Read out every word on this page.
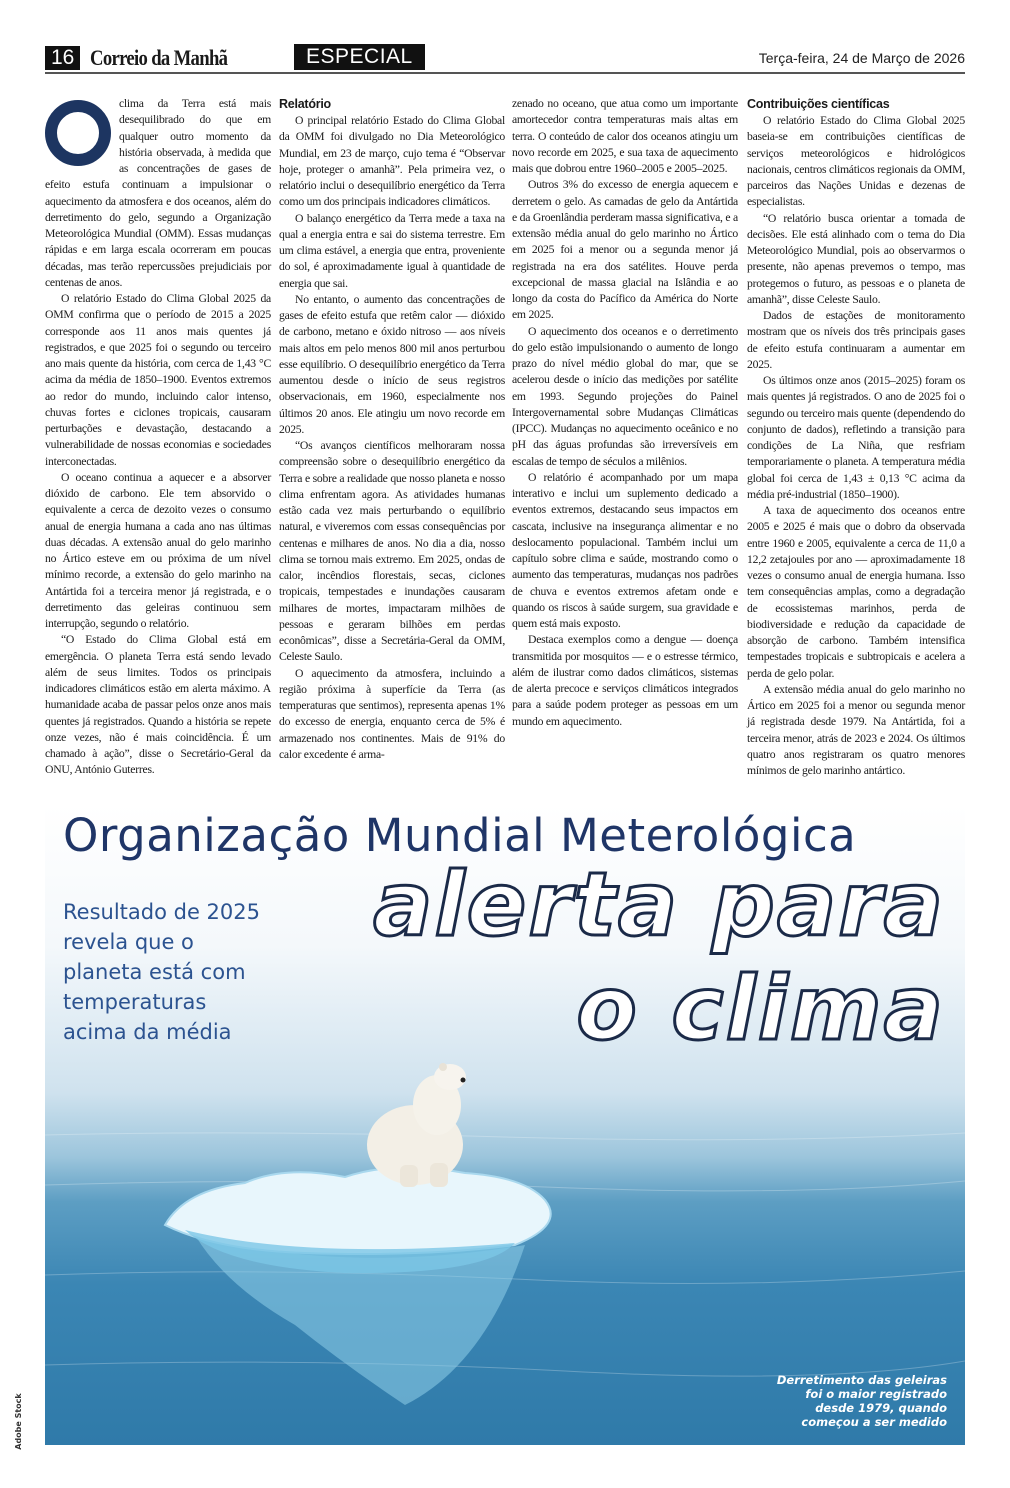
16 Correio da Manhã	ESPECIAL	Terça-feira, 24 de Março de 2026

clima da Terra está mais desequilibrado do que em qualquer outro momento da história observada, à medida que as concentrações de gases de efeito estufa continuam a impulsionar o aquecimento da atmosfera e dos oceanos, além do derretimento do gelo, segundo a Organização Meteorológica Mundial (OMM). Essas mudanças rápidas e em larga escala ocorreram em poucas décadas, mas terão repercussões prejudiciais por centenas de anos.

O relatório Estado do Clima Global 2025 da OMM confirma que o período de 2015 a 2025 corresponde aos 11 anos mais quentes já registrados, e que 2025 foi o segundo ou terceiro ano mais quente da história, com cerca de 1,43 °C acima da média de 1850–1900. Eventos extremos ao redor do mundo, incluindo calor intenso, chuvas fortes e ciclones tropicais, causaram perturbações e devastação, destacando a vulnerabilidade de nossas economias e sociedades interconectadas.

O oceano continua a aquecer e a absorver dióxido de carbono. Ele tem absorvido o equivalente a cerca de dezoito vezes o consumo anual de energia humana a cada ano nas últimas duas décadas. A extensão anual do gelo marinho no Ártico esteve em ou próxima de um nível mínimo recorde, a extensão do gelo marinho na Antártida foi a terceira menor já registrada, e o derretimento das geleiras continuou sem interrupção, segundo o relatório.

“O Estado do Clima Global está em emergência. O planeta Terra está sendo levado além de seus limites. Todos os principais indicadores climáticos estão em alerta máximo. A humanidade acaba de passar pelos onze anos mais quentes já registrados. Quando a história se repete onze vezes, não é mais coincidência. É um chamado à ação”, disse o Secretário-Geral da ONU, António Guterres.

Relatório

O principal relatório Estado do Clima Global da OMM foi divulgado no Dia Meteorológico Mundial, em 23 de março, cujo tema é “Observar hoje, proteger o amanhã”. Pela primeira vez, o relatório inclui o desequilíbrio energético da Terra como um dos principais indicadores climáticos.

O balanço energético da Terra mede a taxa na qual a energia entra e sai do sistema terrestre. Em um clima estável, a energia que entra, proveniente do sol, é aproximadamente igual à quantidade de energia que sai.

No entanto, o aumento das concentrações de gases de efeito estufa que retêm calor — dióxido de carbono, metano e óxido nitroso — aos níveis mais altos em pelo menos 800 mil anos perturbou esse equilíbrio. O desequilíbrio energético da Terra aumentou desde o início de seus registros observacionais, em 1960, especialmente nos últimos 20 anos. Ele atingiu um novo recorde em 2025.

“Os avanços científicos melhoraram nossa compreensão sobre o desequilíbrio energético da Terra e sobre a realidade que nosso planeta e nosso clima enfrentam agora. As atividades humanas estão cada vez mais perturbando o equilíbrio natural, e viveremos com essas consequências por centenas e milhares de anos. No dia a dia, nosso clima se tornou mais extremo. Em 2025, ondas de calor, incêndios florestais, secas, ciclones tropicais, tempestades e inundações causaram milhares de mortes, impactaram milhões de pessoas e geraram bilhões em perdas econômicas”, disse a Secretária-Geral da OMM, Celeste Saulo.

O aquecimento da atmosfera, incluindo a região próxima à superfície da Terra (as temperaturas que sentimos), representa apenas 1% do excesso de energia, enquanto cerca de 5% é armazenado nos continentes. Mais de 91% do calor excedente é arma-

zenado no oceano, que atua como um importante amortecedor contra temperaturas mais altas em terra. O conteúdo de calor dos oceanos atingiu um novo recorde em 2025, e sua taxa de aquecimento mais que dobrou entre 1960–2005 e 2005–2025.

Outros 3% do excesso de energia aquecem e derretem o gelo. As camadas de gelo da Antártida e da Groenlândia perderam massa significativa, e a extensão média anual do gelo marinho no Ártico em 2025 foi a menor ou a segunda menor já registrada na era dos satélites. Houve perda excepcional de massa glacial na Islândia e ao longo da costa do Pacífico da América do Norte em 2025.

O aquecimento dos oceanos e o derretimento do gelo estão impulsionando o aumento de longo prazo do nível médio global do mar, que se acelerou desde o início das medições por satélite em 1993. Segundo projeções do Painel Intergovernamental sobre Mudanças Climáticas (IPCC). Mudanças no aquecimento oceânico e no pH das águas profundas são irreversíveis em escalas de tempo de séculos a milênios.

O relatório é acompanhado por um mapa interativo e inclui um suplemento dedicado a eventos extremos, destacando seus impactos em cascata, inclusive na insegurança alimentar e no deslocamento populacional. Também inclui um capítulo sobre clima e saúde, mostrando como o aumento das temperaturas, mudanças nos padrões de chuva e eventos extremos afetam onde e quando os riscos à saúde surgem, sua gravidade e quem está mais exposto.

Destaca exemplos como a dengue — doença transmitida por mosquitos — e o estresse térmico, além de ilustrar como dados climáticos, sistemas de alerta precoce e serviços climáticos integrados para a saúde podem proteger as pessoas em um mundo em aquecimento.

Contribuições científicas

O relatório Estado do Clima Global 2025 baseia-se em contribuições científicas de serviços meteorológicos e hidrológicos nacionais, centros climáticos regionais da OMM, parceiros das Nações Unidas e dezenas de especialistas.

“O relatório busca orientar a tomada de decisões. Ele está alinhado com o tema do Dia Meteorológico Mundial, pois ao observarmos o presente, não apenas prevemos o tempo, mas protegemos o futuro, as pessoas e o planeta de amanhã”, disse Celeste Saulo.

Dados de estações de monitoramento mostram que os níveis dos três principais gases de efeito estufa continuaram a aumentar em 2025.

Os últimos onze anos (2015–2025) foram os mais quentes já registrados. O ano de 2025 foi o segundo ou terceiro mais quente (dependendo do conjunto de dados), refletindo a transição para condições de La Niña, que resfriam temporariamente o planeta. A temperatura média global foi cerca de 1,43 ± 0,13 °C acima da média pré-industrial (1850–1900).

A taxa de aquecimento dos oceanos entre 2005 e 2025 é mais que o dobro da observada entre 1960 e 2005, equivalente a cerca de 11,0 a 12,2 zetajoules por ano — aproximadamente 18 vezes o consumo anual de energia humana. Isso tem consequências amplas, como a degradação de ecossistemas marinhos, perda de biodiversidade e redução da capacidade de absorção de carbono. Também intensifica tempestades tropicais e subtropicais e acelera a perda de gelo polar.

A extensão média anual do gelo marinho no Ártico em 2025 foi a menor ou segunda menor já registrada desde 1979. Na Antártida, foi a terceira menor, atrás de 2023 e 2024. Os últimos quatro anos registraram os quatro menores mínimos de gelo marinho antártico.

Organização Mundial Meterológica
Resultado de 2025 revela que o planeta está com temperaturas acima da média
alerta para
o clima
Derretimento das geleiras
foi o maior registrado
desde 1979, quando
começou a ser medido
Adobe Stock
